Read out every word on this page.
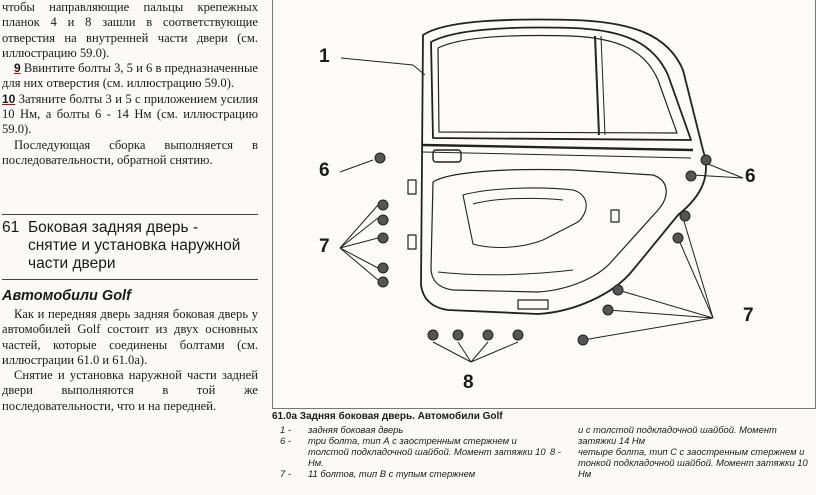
чтобы направляющие пальцы крепежных планок 4 и 8 зашли в соответствующие отверстия на внутренней части двери (см. иллюстрацию 59.0).

9 Ввинтите болты 3, 5 и 6 в предназначенные для них отверстия (см. иллюстрацию 59.0).

10 Затяните болты 3 и 5 с приложением усилия 10 Нм, а болты 6 - 14 Нм (см. иллюстрацию 59.0).

Последующая сборка выполняется в последовательности, обратной снятию.

61 Боковая задняя дверь -
снятие и установка наружной
части двери
Автомобили Golf

Как и передняя дверь задняя боковая дверь у автомобилей Golf состоит из двух основных частей, которые соединены болтами (см. иллюстрации 61.0 и 61.0а).

Снятие и установка наружной части задней двери выполняются в той же последовательности, что и на передней.

1
6	6
7
7
8
61.0а Задняя боковая дверь. Автомобили Golf
1 -	задняя боковая дверь
6 -	три болта, тип А с заостренным стержнем и толстой подкладочной шайбой. Момент затяжки 10 Нм.
7 -	11 болтов, тип В с тупым стержнем
и с толстой подкладочной шайбой. Момент затяжки 14 Нм
8 -	четыре болта, тип С с заостренным стержнем и тонкой подкладочной шайбой. Момент затяжки 10 Нм
